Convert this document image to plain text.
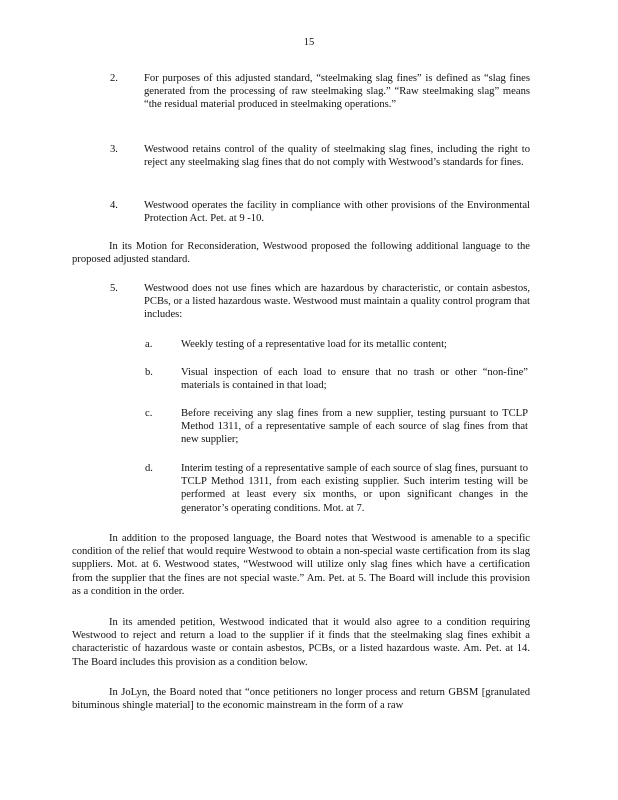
15
2. For purposes of this adjusted standard, “steelmaking slag fines” is defined as “slag fines generated from the processing of raw steelmaking slag.” “Raw steelmaking slag” means “the residual material produced in steelmaking operations.”
3. Westwood retains control of the quality of steelmaking slag fines, including the right to reject any steelmaking slag fines that do not comply with Westwood’s standards for fines.
4. Westwood operates the facility in compliance with other provisions of the Environmental Protection Act. Pet. at 9 -10.
In its Motion for Reconsideration, Westwood proposed the following additional language to the proposed adjusted standard.
5. Westwood does not use fines which are hazardous by characteristic, or contain asbestos, PCBs, or a listed hazardous waste. Westwood must maintain a quality control program that includes:
a.	Weekly testing of a representative load for its metallic content;
b.	Visual inspection of each load to ensure that no trash or other “non-fine” materials is contained in that load;
c.	Before receiving any slag fines from a new supplier, testing pursuant to TCLP Method 1311, of a representative sample of each source of slag fines from that new supplier;
d.	Interim testing of a representative sample of each source of slag fines, pursuant to TCLP Method 1311, from each existing supplier. Such interim testing will be performed at least every six months, or upon significant changes in the generator’s operating conditions. Mot. at 7.
In addition to the proposed language, the Board notes that Westwood is amenable to a specific condition of the relief that would require Westwood to obtain a non-special waste certification from its slag suppliers. Mot. at 6. Westwood states, “Westwood will utilize only slag fines which have a certification from the supplier that the fines are not special waste.” Am. Pet. at 5. The Board will include this provision as a condition in the order.
In its amended petition, Westwood indicated that it would also agree to a condition requiring Westwood to reject and return a load to the supplier if it finds that the steelmaking slag fines exhibit a characteristic of hazardous waste or contain asbestos, PCBs, or a listed hazardous waste. Am. Pet. at 14. The Board includes this provision as a condition below.
In JoLyn, the Board noted that “once petitioners no longer process and return GBSM [granulated bituminous shingle material] to the economic mainstream in the form of a raw
